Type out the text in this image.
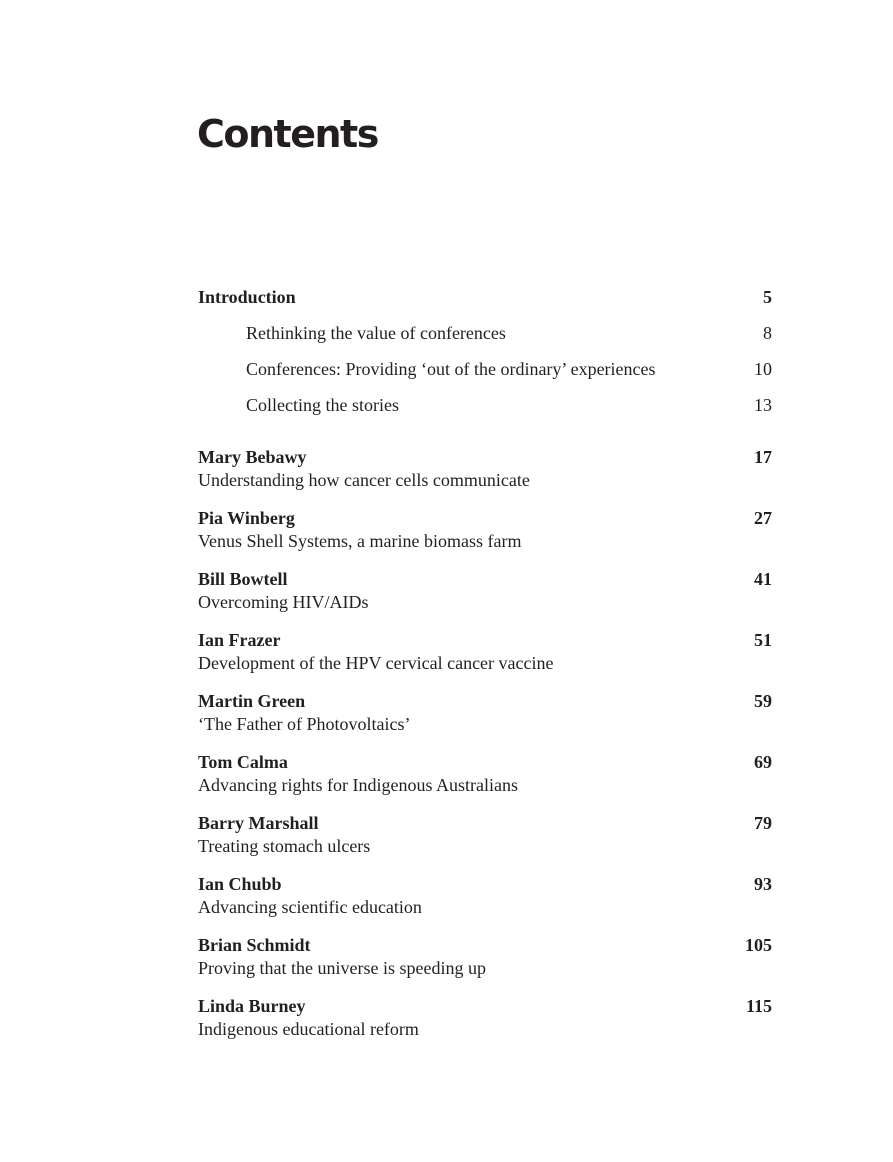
Contents
Introduction	5
Rethinking the value of conferences	8
Conferences: Providing ‘out of the ordinary’ experiences	10
Collecting the stories	13
Mary Bebawy	17
Understanding how cancer cells communicate
Pia Winberg	27
Venus Shell Systems, a marine biomass farm
Bill Bowtell	41
Overcoming HIV/AIDs
Ian Frazer	51
Development of the HPV cervical cancer vaccine
Martin Green	59
‘The Father of Photovoltaics’
Tom Calma	69
Advancing rights for Indigenous Australians
Barry Marshall	79
Treating stomach ulcers
Ian Chubb	93
Advancing scientific education
Brian Schmidt	105
Proving that the universe is speeding up
Linda Burney	115
Indigenous educational reform
